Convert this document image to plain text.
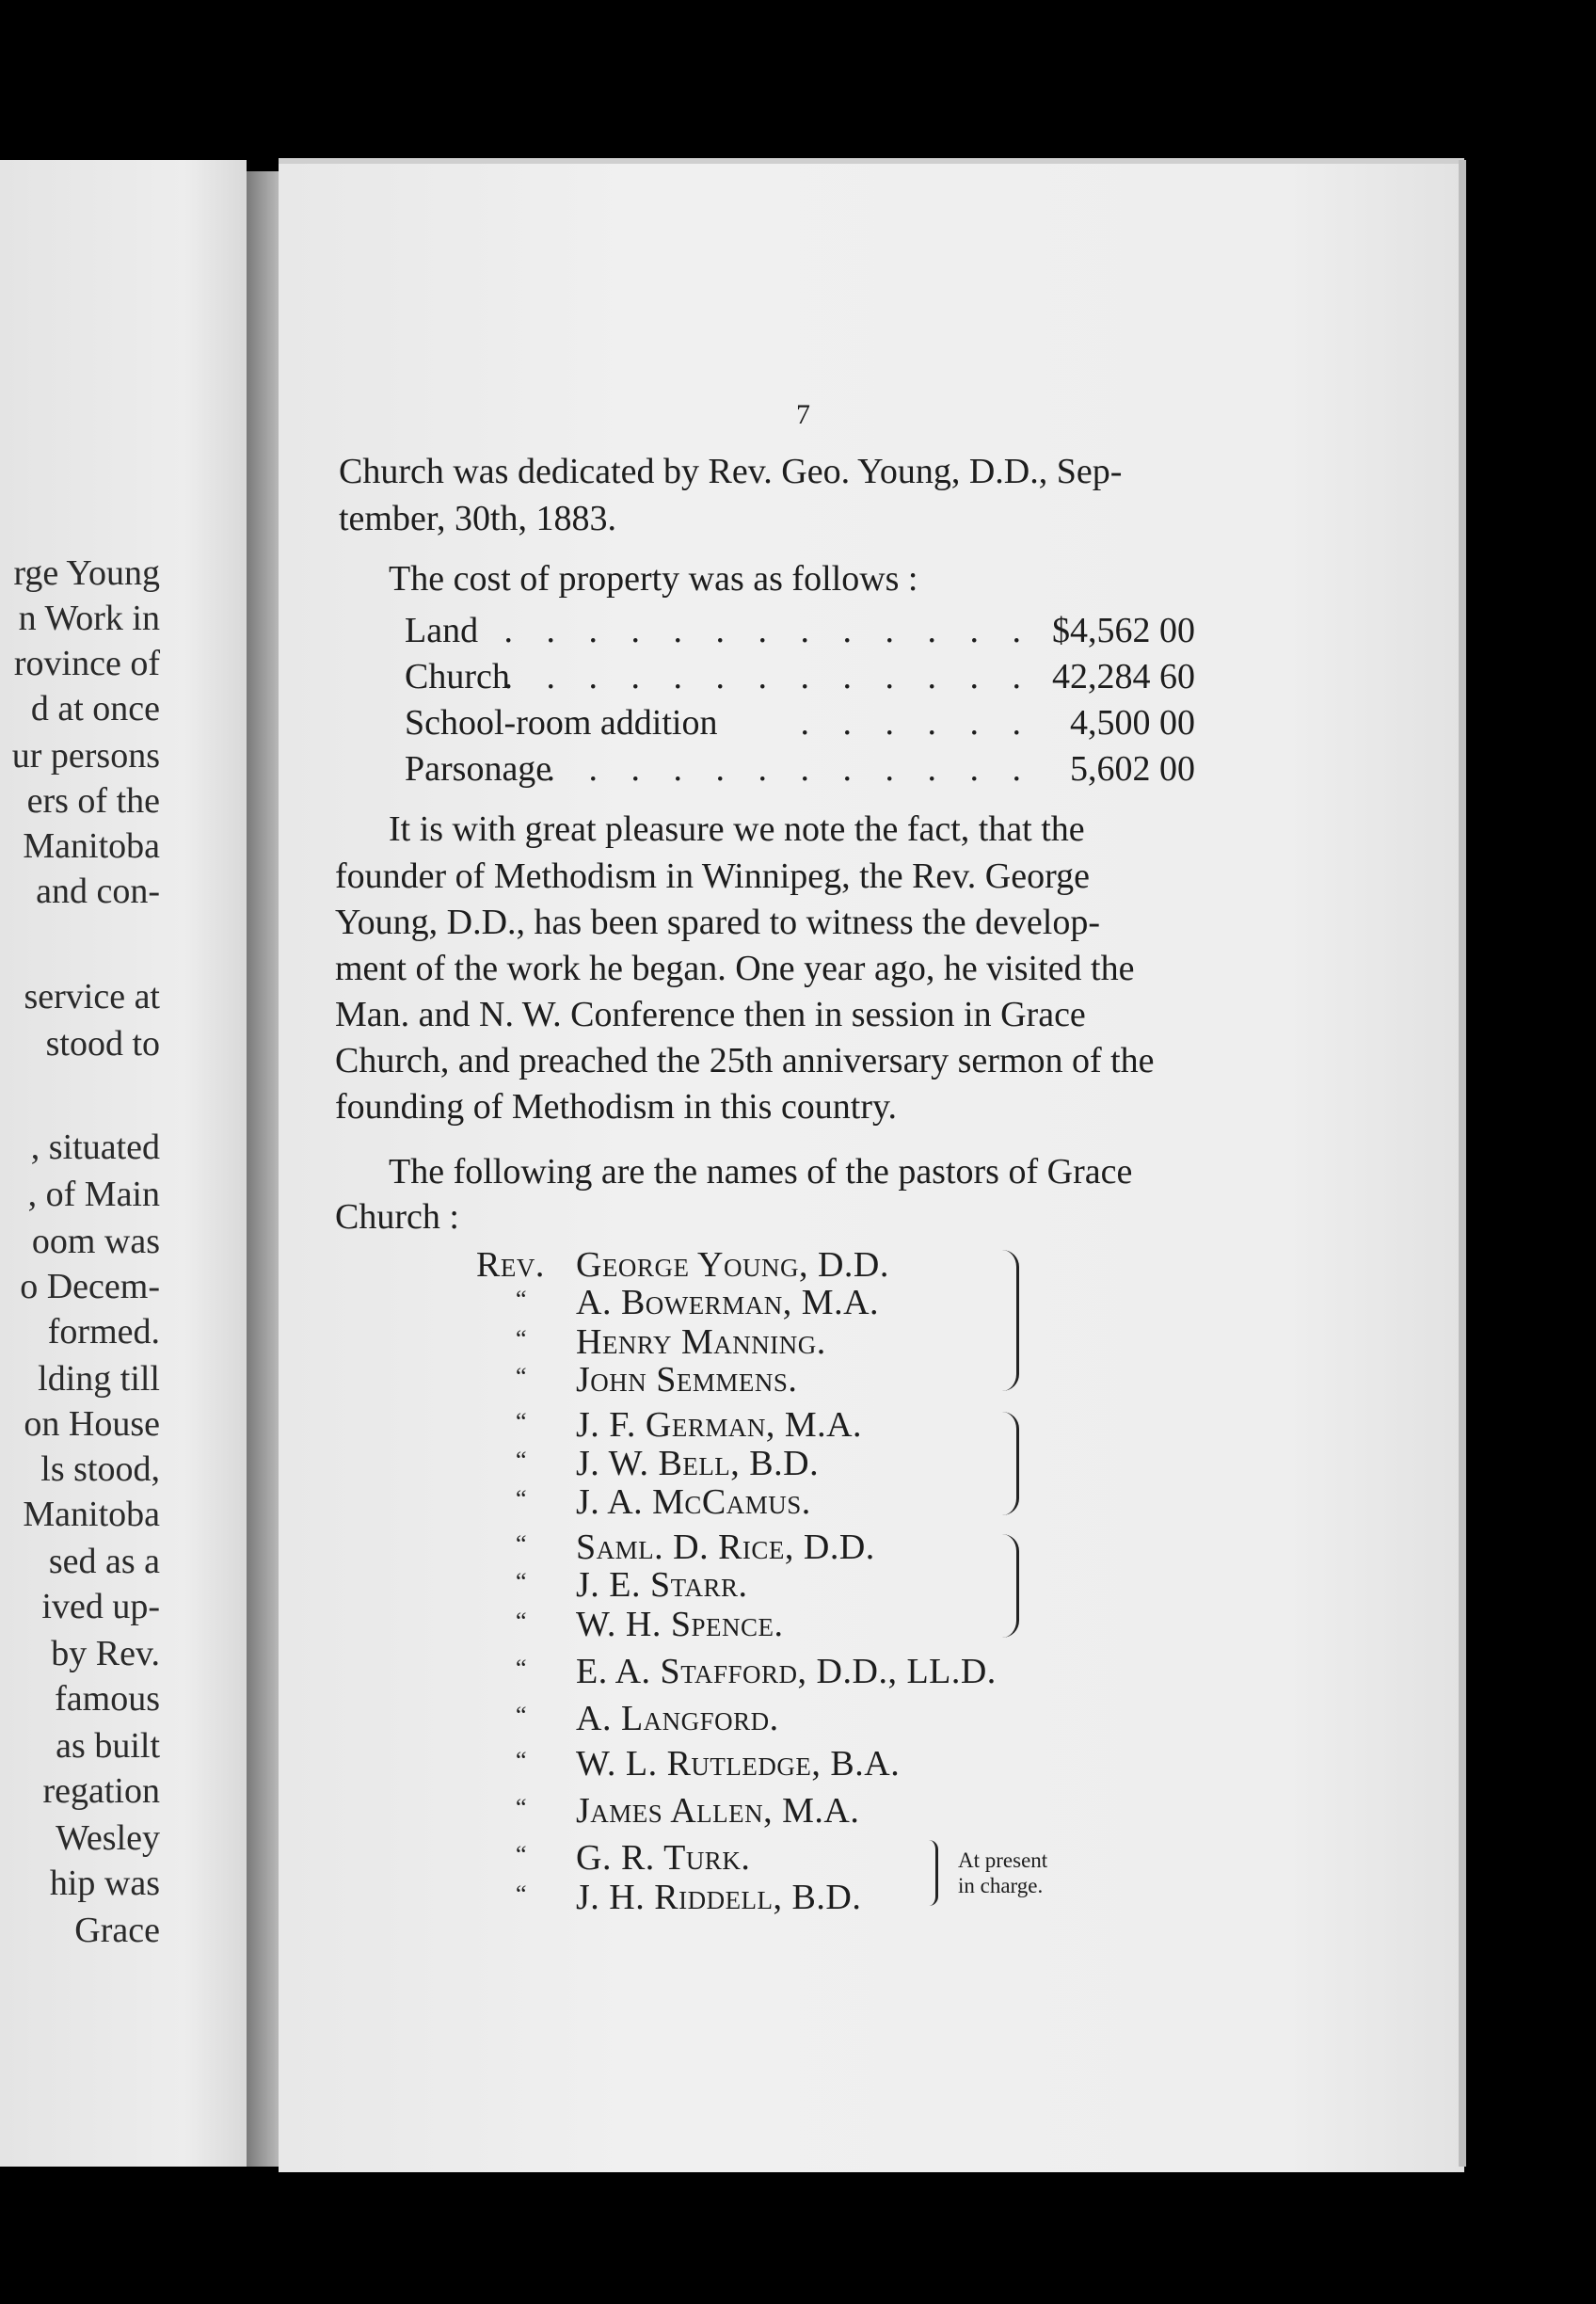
rge Young
n Work in
rovince of
d at once
ur persons
ers of the
Manitoba
and con-
service at
stood to
, situated
, of Main
oom was
o Decem-
formed.
lding till
on House
ls stood,
Manitoba
sed as a
ived up-
by Rev.
famous
as built
regation
Wesley
hip was
Grace
7
Church was dedicated by Rev. Geo. Young, D.D., Sep-
tember, 30th, 1883.
The cost of property was as follows :
Land . . . . . . . . . . . . . $4,562 00
Church
. . . . . . . . . . . . . 42,284 60
School-room addition . . . . . . 4,500 00
Parsonage
. . . . . . . . . . . . 5,602 00
It is with great pleasure we note the fact, that the
founder of Methodism in Winnipeg, the Rev. George
Young, D.D., has been spared to witness the develop-
ment of the work he began. One year ago, he visited the
Man. and N. W. Conference then in session in Grace
Church, and preached the 25th anniversary sermon of the
founding of Methodism in this country.
The following are the names of the pastors of Grace
Church :
Rev. George Young, D.D.
“ A. Bowerman, M.A.
“ Henry Manning.
“ John Semmens.
“ J. F. German, M.A.
“ J. W. Bell, B.D.
“ J. A. McCamus.
“ Saml. D. Rice, D.D.
“ J. E. Starr.
“ W. H. Spence.
“ E. A. Stafford, D.D., LL.D.
“ A. Langford.
“ W. L. Rutledge, B.A.
“ James Allen, M.A.
“ G. R. Turk.
“ J. H. Riddell, B.D.
At present
in charge.
